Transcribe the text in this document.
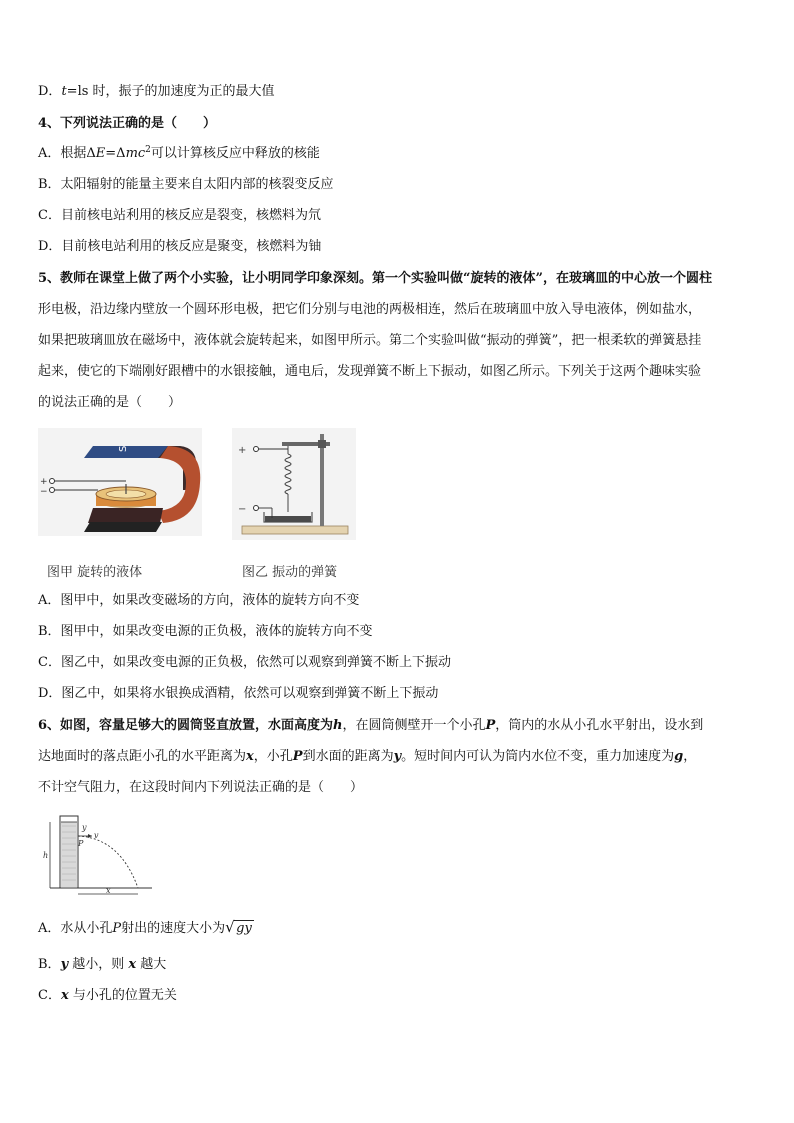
D．t=ls 时，振子的加速度为正的最大值
4、下列说法正确的是（　　）
A．根据ΔE=Δmc$^2$可以计算核反应中释放的核能
B．太阳辐射的能量主要来自太阳内部的核裂变反应
C．目前核电站利用的核反应是裂变，核燃料为氘
D．目前核电站利用的核反应是聚变，核燃料为铀
5、教师在课堂上做了两个小实验，让小明同学印象深刻。第一个实验叫做“旋转的液体”，在玻璃皿的中心放一个圆柱
形电极，沿边缘内壁放一个圆环形电极，把它们分别与电池的两极相连，然后在玻璃皿中放入导电液体，例如盐水，
如果把玻璃皿放在磁场中，液体就会旋转起来，如图甲所示。第二个实验叫做“振动的弹簧”，把一根柔软的弹簧悬挂
起来，使它的下端刚好跟槽中的水银接触，通电后，发现弹簧不断上下振动，如图乙所示。下列关于这两个趣味实验
的说法正确的是（　　）
S
+
−
+
−
图甲 旋转的液体	图乙 振动的弹簧
A．图甲中，如果改变磁场的方向，液体的旋转方向不变
B．图甲中，如果改变电源的正负极，液体的旋转方向不变
C．图乙中，如果改变电源的正负极，依然可以观察到弹簧不断上下振动
D．图乙中，如果将水银换成酒精，依然可以观察到弹簧不断上下振动
6、如图，容量足够大的圆筒竖直放置，水面高度为h，在圆筒侧壁开一个小孔P，筒内的水从小孔水平射出，设水到
达地面时的落点距小孔的水平距离为x，小孔P到水面的距离为y。短时间内可认为筒内水位不变，重力加速度为g，
不计空气阻力，在这段时间内下列说法正确的是（　　）
h
y
v
P
x
A．水从小孔P射出的速度大小为 √ gy
B．y 越小，则 x 越大
C．x 与小孔的位置无关
